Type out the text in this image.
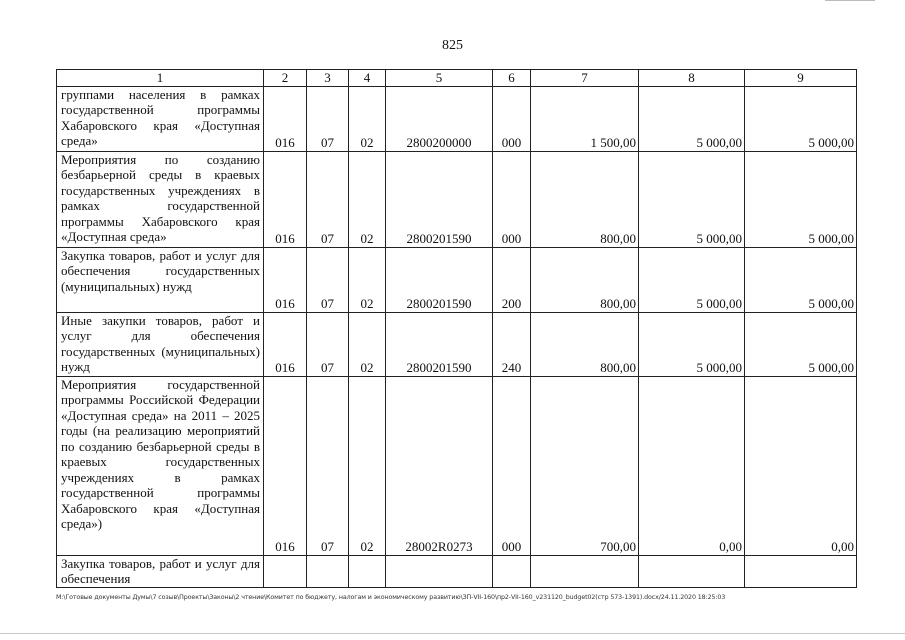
825
1	2	3	4	5	6	7	8	9
группами населения в рамках государственной программы Хабаровского края «Доступная среда»	016	07	02	2800200000	000	1 500,00	5 000,00	5 000,00
Мероприятия по созданию безбарьерной среды в краевых государственных учреждениях в рамках государственной программы Хабаровского края «Доступная среда»	016	07	02	2800201590	000	800,00	5 000,00	5 000,00
Закупка товаров, работ и услуг для обеспечения государственных (муниципальных) нужд	016	07	02	2800201590	200	800,00	5 000,00	5 000,00
Иные закупки товаров, работ и услуг для обеспечения государственных (муниципальных) нужд	016	07	02	2800201590	240	800,00	5 000,00	5 000,00
Мероприятия государственной программы Российской Федерации «Доступная среда» на 2011 – 2025 годы (на реализацию мероприятий по созданию безбарьерной среды в краевых государственных учреждениях в рамках государственной программы Хабаровского края «Доступная среда»)	016	07	02	28002R0273	000	700,00	0,00	0,00
Закупка товаров, работ и услуг для обеспечения								
M:\Готовые документы Думы\7 созыв\Проекты\Законы\2 чтение\Комитет по бюджету, налогам и экономическому развитию\ЗП-VII-160\пр2-VII-160_v231120_budget02(стр 573-1391).docx/24.11.2020 18:25:03
